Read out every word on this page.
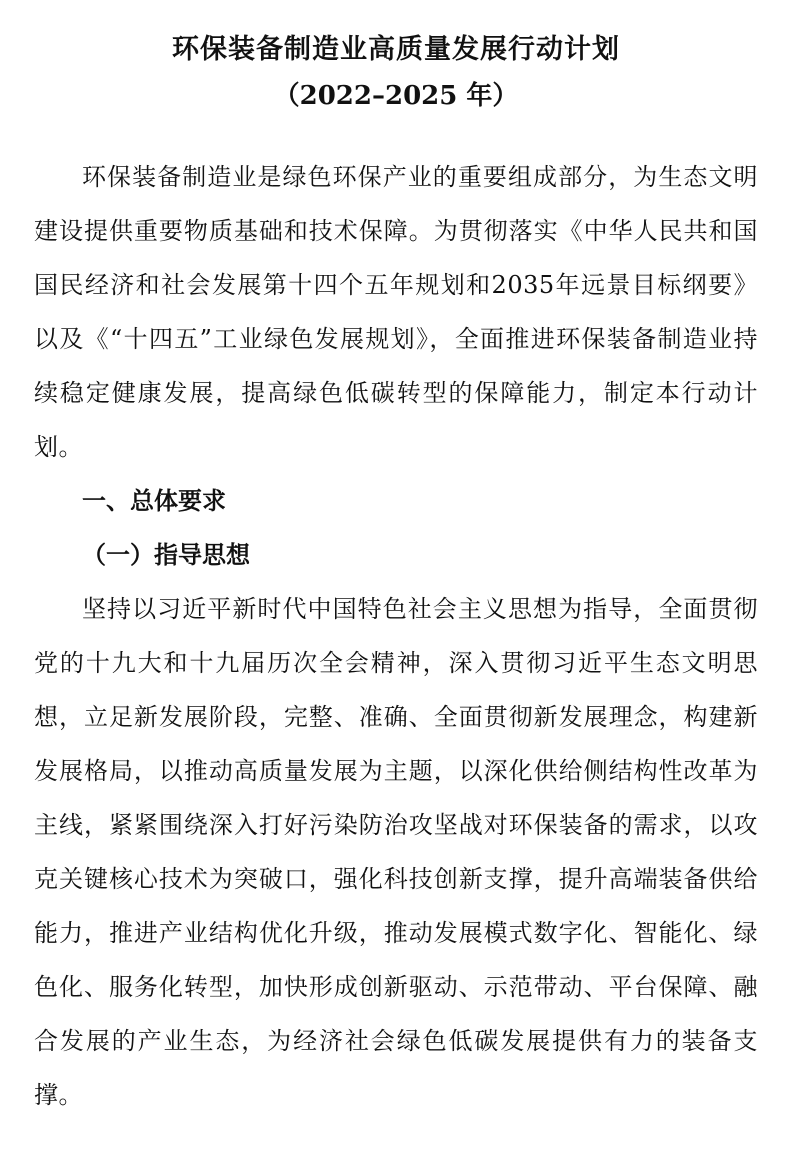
环保装备制造业高质量发展行动计划
（2022–2025 年）

环保装备制造业是绿色环保产业的重要组成部分，为生态文明建设提供重要物质基础和技术保障。为贯彻落实《中华人民共和国国民经济和社会发展第十四个五年规划和2035年远景目标纲要》以及《“十四五”工业绿色发展规划》，全面推进环保装备制造业持续稳定健康发展，提高绿色低碳转型的保障能力，制定本行动计划。

一、总体要求
（一）指导思想

坚持以习近平新时代中国特色社会主义思想为指导，全面贯彻党的十九大和十九届历次全会精神，深入贯彻习近平生态文明思想，立足新发展阶段，完整、准确、全面贯彻新发展理念，构建新发展格局，以推动高质量发展为主题，以深化供给侧结构性改革为主线，紧紧围绕深入打好污染防治攻坚战对环保装备的需求，以攻克关键核心技术为突破口，强化科技创新支撑，提升高端装备供给能力，推进产业结构优化升级，推动发展模式数字化、智能化、绿色化、服务化转型，加快形成创新驱动、示范带动、平台保障、融合发展的产业生态，为经济社会绿色低碳发展提供有力的装备支撑。
